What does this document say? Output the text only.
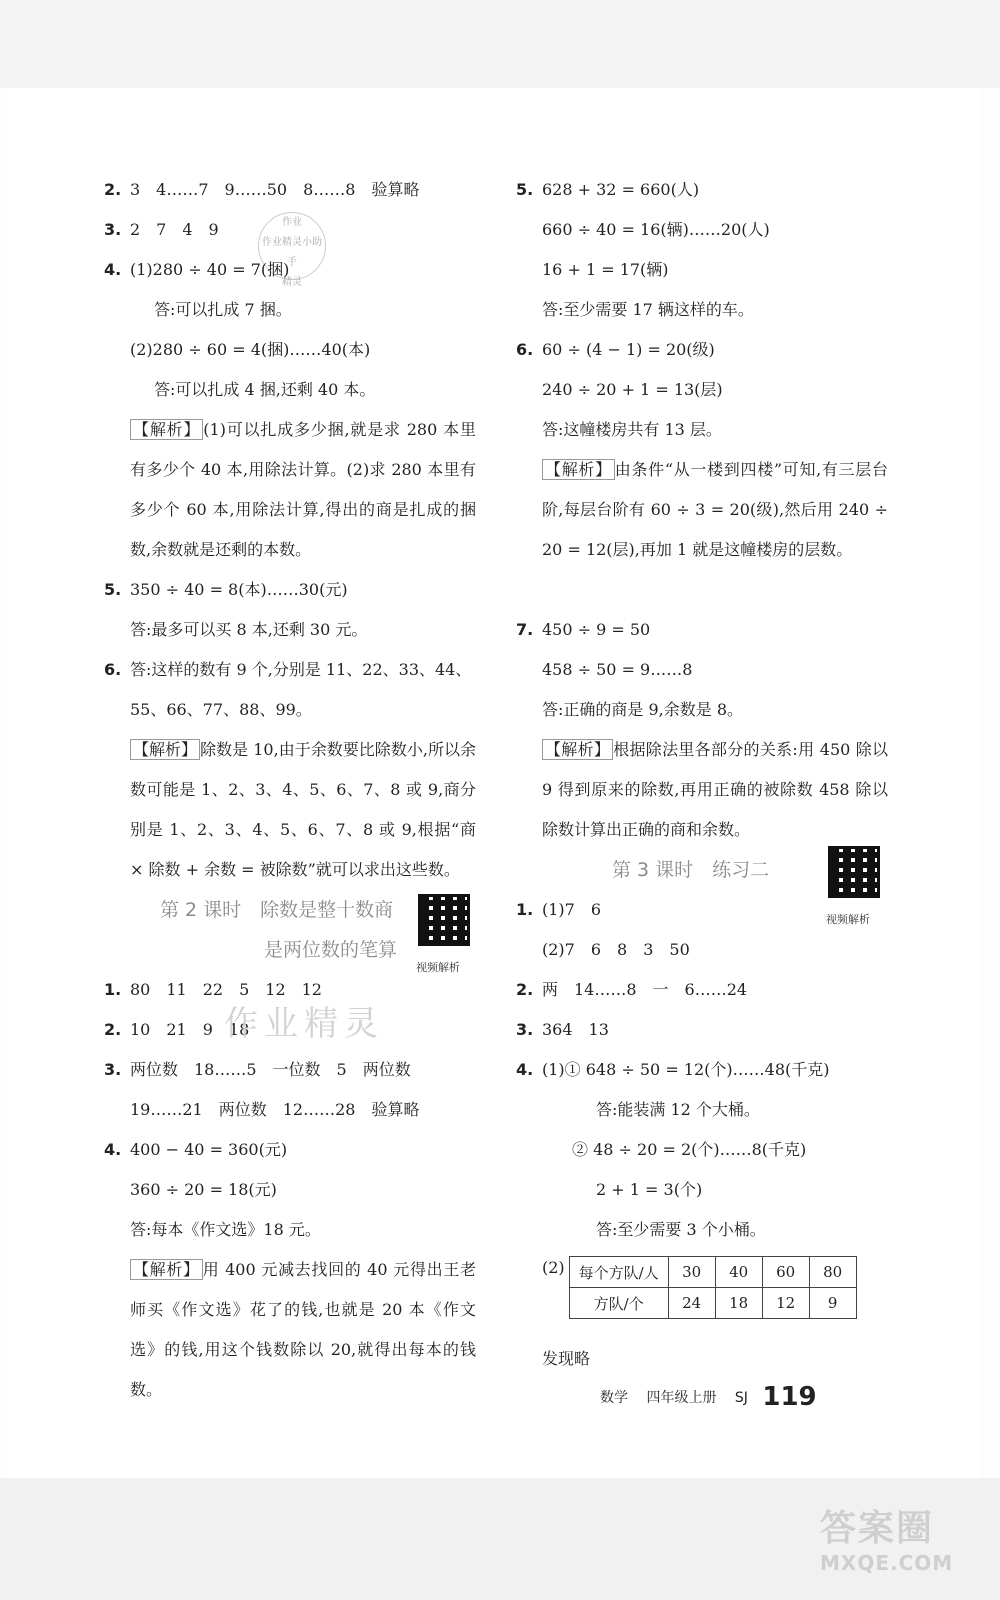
作业
作业精灵小助手
精灵
2. 3　4……7　9……50　8……8　验算略
3. 2　7　4　9
4. (1)280 ÷ 40 = 7(捆)
答:可以扎成 7 捆。
(2)280 ÷ 60 = 4(捆)……40(本)
答:可以扎成 4 捆,还剩 40 本。
【解析】 (1)可以扎成多少捆,就是求 280 本里有多少个 40 本,用除法计算。(2)求 280 本里有多少个 60 本,用除法计算,得出的商是扎成的捆数,余数就是还剩的本数。
5. 350 ÷ 40 = 8(本)……30(元)
答:最多可以买 8 本,还剩 30 元。
6. 答:这样的数有 9 个,分别是 11、22、33、44、
55、66、77、88、99。
【解析】 除数是 10,由于余数要比除数小,所以余数可能是 1、2、3、4、5、6、7、8 或 9,商分别是 1、2、3、4、5、6、7、8 或 9,根据“商 × 除数 + 余数 = 被除数”就可以求出这些数。
第 2 课时　除数是整十数商
是两位数的笔算
视频解析
1. 80　11　22　5　12　12
2. 10　21　9　18
3. 两位数　18……5　一位数　5　两位数
19……21　两位数　12……28　验算略
4. 400 − 40 = 360(元)
360 ÷ 20 = 18(元)
答:每本《作文选》18 元。
【解析】 用 400 元减去找回的 40 元得出王老师买《作文选》花了的钱,也就是 20 本《作文选》的钱,用这个钱数除以 20,就得出每本的钱数。
作业精灵
5. 628 + 32 = 660(人)
660 ÷ 40 = 16(辆)……20(人)
16 + 1 = 17(辆)
答:至少需要 17 辆这样的车。
6. 60 ÷ (4 − 1) = 20(级)
240 ÷ 20 + 1 = 13(层)
答:这幢楼房共有 13 层。
【解析】 由条件“从一楼到四楼”可知,有三层台阶,每层台阶有 60 ÷ 3 = 20(级),然后用 240 ÷ 20 = 12(层),再加 1 就是这幢楼房的层数。
7. 450 ÷ 9 = 50
458 ÷ 50 = 9……8
答:正确的商是 9,余数是 8。
【解析】 根据除法里各部分的关系:用 450 除以 9 得到原来的除数,再用正确的被除数 458 除以除数计算出正确的商和余数。
第 3 课时　练习二
视频解析
1. (1)7　6
(2)7　6　8　3　50
2. 两　14……8　一　6……24
3. 364　13
4. (1)① 648 ÷ 50 = 12(个)……48(千克)
答:能装满 12 个大桶。
② 48 ÷ 20 = 2(个)……8(千克)
2 + 1 = 3(个)
答:至少需要 3 个小桶。
(2) 每个方队/人	30	40	60	80
方队/个	24	18	12	9
发现略
数学 四年级上册 SJ 119
答案圈
MXQE.COM
